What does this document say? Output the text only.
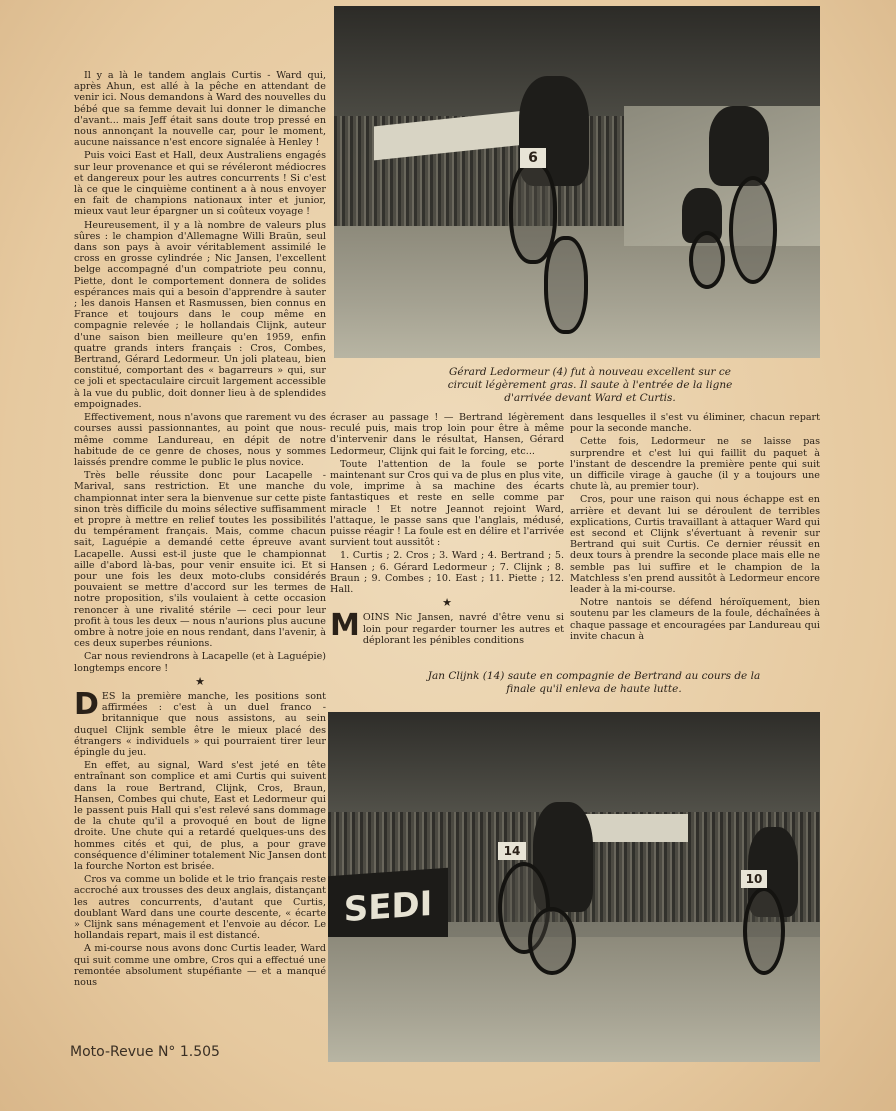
Il y a là le tandem anglais Curtis - Ward qui, après Ahun, est allé à la pêche en attendant de venir ici. Nous demandons à Ward des nouvelles du bébé que sa femme devait lui donner le dimanche d'avant... mais Jeff était sans doute trop pressé en nous annonçant la nouvelle car, pour le moment, aucune naissance n'est encore signalée à Henley !

Puis voici East et Hall, deux Australiens engagés sur leur provenance et qui se révéleront médiocres et dangereux pour les autres concurrents ! Si c'est là ce que le cinquième continent a à nous envoyer en fait de champions nationaux inter et junior, mieux vaut leur épargner un si coûteux voyage !

Heureusement, il y a là nombre de valeurs plus sûres : le champion d'Allemagne Willi Braün, seul dans son pays à avoir véritablement assimilé le cross en grosse cylindrée ; Nic Jansen, l'excellent belge accompagné d'un compatriote peu connu, Piette, dont le comportement donnera de solides espérances mais qui a besoin d'apprendre à sauter ; les danois Hansen et Rasmussen, bien connus en France et toujours dans le coup même en compagnie relevée ; le hollandais Clijnk, auteur d'une saison bien meilleure qu'en 1959, enfin quatre grands inters français : Cros, Combes, Bertrand, Gérard Ledormeur. Un joli plateau, bien constitué, comportant des « bagarreurs » qui, sur ce joli et spectaculaire circuit largement accessible à la vue du public, doit donner lieu à de splendides empoignades.

Effectivement, nous n'avons que rarement vu des courses aussi passionnantes, au point que nous-même comme Landureau, en dépit de notre habitude de ce genre de choses, nous y sommes laissés prendre comme le public le plus novice.

Très belle réussite donc pour Lacapelle - Marival, sans restriction. Et une manche du championnat inter sera la bienvenue sur cette piste sinon très difficile du moins sélective suffisamment et propre à mettre en relief toutes les possibilités du tempérament français. Mais, comme chacun sait, Laguépie a demandé cette épreuve avant Lacapelle. Aussi est-il juste que le championnat aille d'abord là-bas, pour venir ensuite ici. Et si pour une fois les deux moto-clubs considérés pouvaient se mettre d'accord sur les termes de notre proposition, s'ils voulaient à cette occasion renoncer à une rivalité stérile — ceci pour leur profit à tous les deux — nous n'aurions plus aucune ombre à notre joie en nous rendant, dans l'avenir, à ces deux superbes réunions.

Car nous reviendrons à Lacapelle (et à Laguépie) longtemps encore !

★

DES la première manche, les positions sont affirmées : c'est à un duel franco - britannique que nous assistons, au sein duquel Clijnk semble être le mieux placé des étrangers « individuels » qui pourraient tirer leur épingle du jeu.

En effet, au signal, Ward s'est jeté en tête entraînant son complice et ami Curtis qui suivent dans la roue Bertrand, Clijnk, Cros, Braun, Hansen, Combes qui chute, East et Ledormeur qui le passent puis Hall qui s'est relevé sans dommage de la chute qu'il a provoqué en bout de ligne droite. Une chute qui a retardé quelques-uns des hommes cités et qui, de plus, a pour grave conséquence d'éliminer totalement Nic Jansen dont la fourche Norton est brisée.

Cros va comme un bolide et le trio français reste accroché aux trousses des deux anglais, distançant les autres concurrents, d'autant que Curtis, doublant Ward dans une courte descente, « écarte » Clijnk sans ménagement et l'envoie au décor. Le hollandais repart, mais il est distancé.

A mi-course nous avons donc Curtis leader, Ward qui suit comme une ombre, Cros qui a effectué une remontée absolument stupéfiante — et a manqué nous

6
Gérard Ledormeur (4) fut à nouveau excellent sur ce circuit légèrement gras. Il saute à l'entrée de la ligne d'arrivée devant Ward et Curtis.

écraser au passage ! — Bertrand légèrement reculé puis, mais trop loin pour être à même d'intervenir dans le résultat, Hansen, Gérard Ledormeur, Clijnk qui fait le forcing, etc...

Toute l'attention de la foule se porte maintenant sur Cros qui va de plus en plus vite, vole, imprime à sa machine des écarts fantastiques et reste en selle comme par miracle ! Et notre Jeannot rejoint Ward, l'attaque, le passe sans que l'anglais, médusé, puisse réagir ! La foule est en délire et l'arrivée survient tout aussitôt :

1. Curtis ; 2. Cros ; 3. Ward ; 4. Bertrand ; 5. Hansen ; 6. Gérard Ledormeur ; 7. Clijnk ; 8. Braun ; 9. Combes ; 10. East ; 11. Piette ; 12. Hall.

★

MOINS Nic Jansen, navré d'être venu si loin pour regarder tourner les autres et déplorant les pénibles conditions

dans lesquelles il s'est vu éliminer, chacun repart pour la seconde manche.

Cette fois, Ledormeur ne se laisse pas surprendre et c'est lui qui faillit du paquet à l'instant de descendre la première pente qui suit un difficile virage à gauche (il y a toujours une chute là, au premier tour).

Cros, pour une raison qui nous échappe est en arrière et devant lui se déroulent de terribles explications, Curtis travaillant à attaquer Ward qui est second et Clijnk s'évertuant à revenir sur Bertrand qui suit Curtis. Ce dernier réussit en deux tours à prendre la seconde place mais elle ne semble pas lui suffire et le champion de la Matchless s'en prend aussitôt à Ledormeur encore leader à la mi-course.

Notre nantois se défend héroïquement, bien soutenu par les clameurs de la foule, déchaînées à chaque passage et encouragées par Landureau qui invite chacun à

Jan Clijnk (14) saute en compagnie de Bertrand au cours de la finale qu'il enleva de haute lutte.
SEDI
14
10
Moto-Revue N° 1.505
